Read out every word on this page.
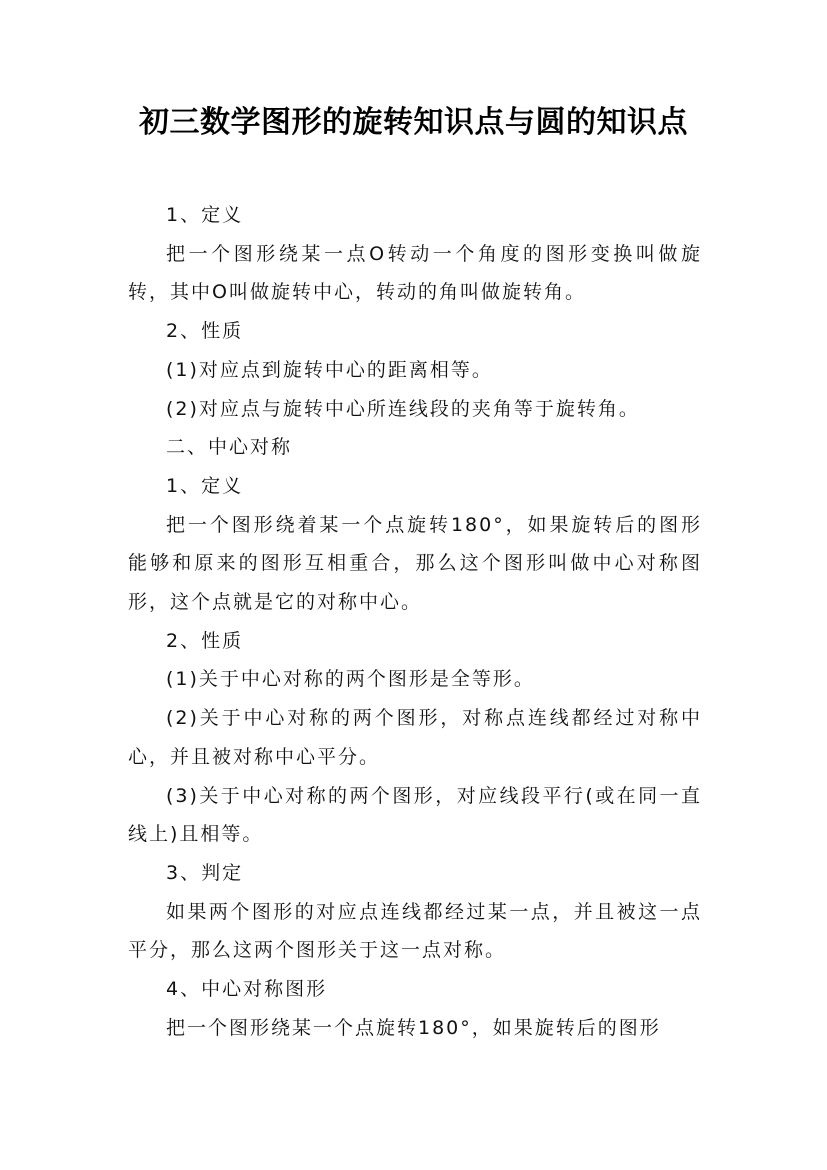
初三数学图形的旋转知识点与圆的知识点

1、定义

把一个图形绕某一点O转动一个角度的图形变换叫做旋转，其中O叫做旋转中心，转动的角叫做旋转角。

2、性质

(1)对应点到旋转中心的距离相等。

(2)对应点与旋转中心所连线段的夹角等于旋转角。

二、中心对称

1、定义

把一个图形绕着某一个点旋转180°，如果旋转后的图形能够和原来的图形互相重合，那么这个图形叫做中心对称图形，这个点就是它的对称中心。

2、性质

(1)关于中心对称的两个图形是全等形。

(2)关于中心对称的两个图形，对称点连线都经过对称中心，并且被对称中心平分。

(3)关于中心对称的两个图形，对应线段平行(或在同一直线上)且相等。

3、判定

如果两个图形的对应点连线都经过某一点，并且被这一点平分，那么这两个图形关于这一点对称。

4、中心对称图形

把一个图形绕某一个点旋转180°，如果旋转后的图形
